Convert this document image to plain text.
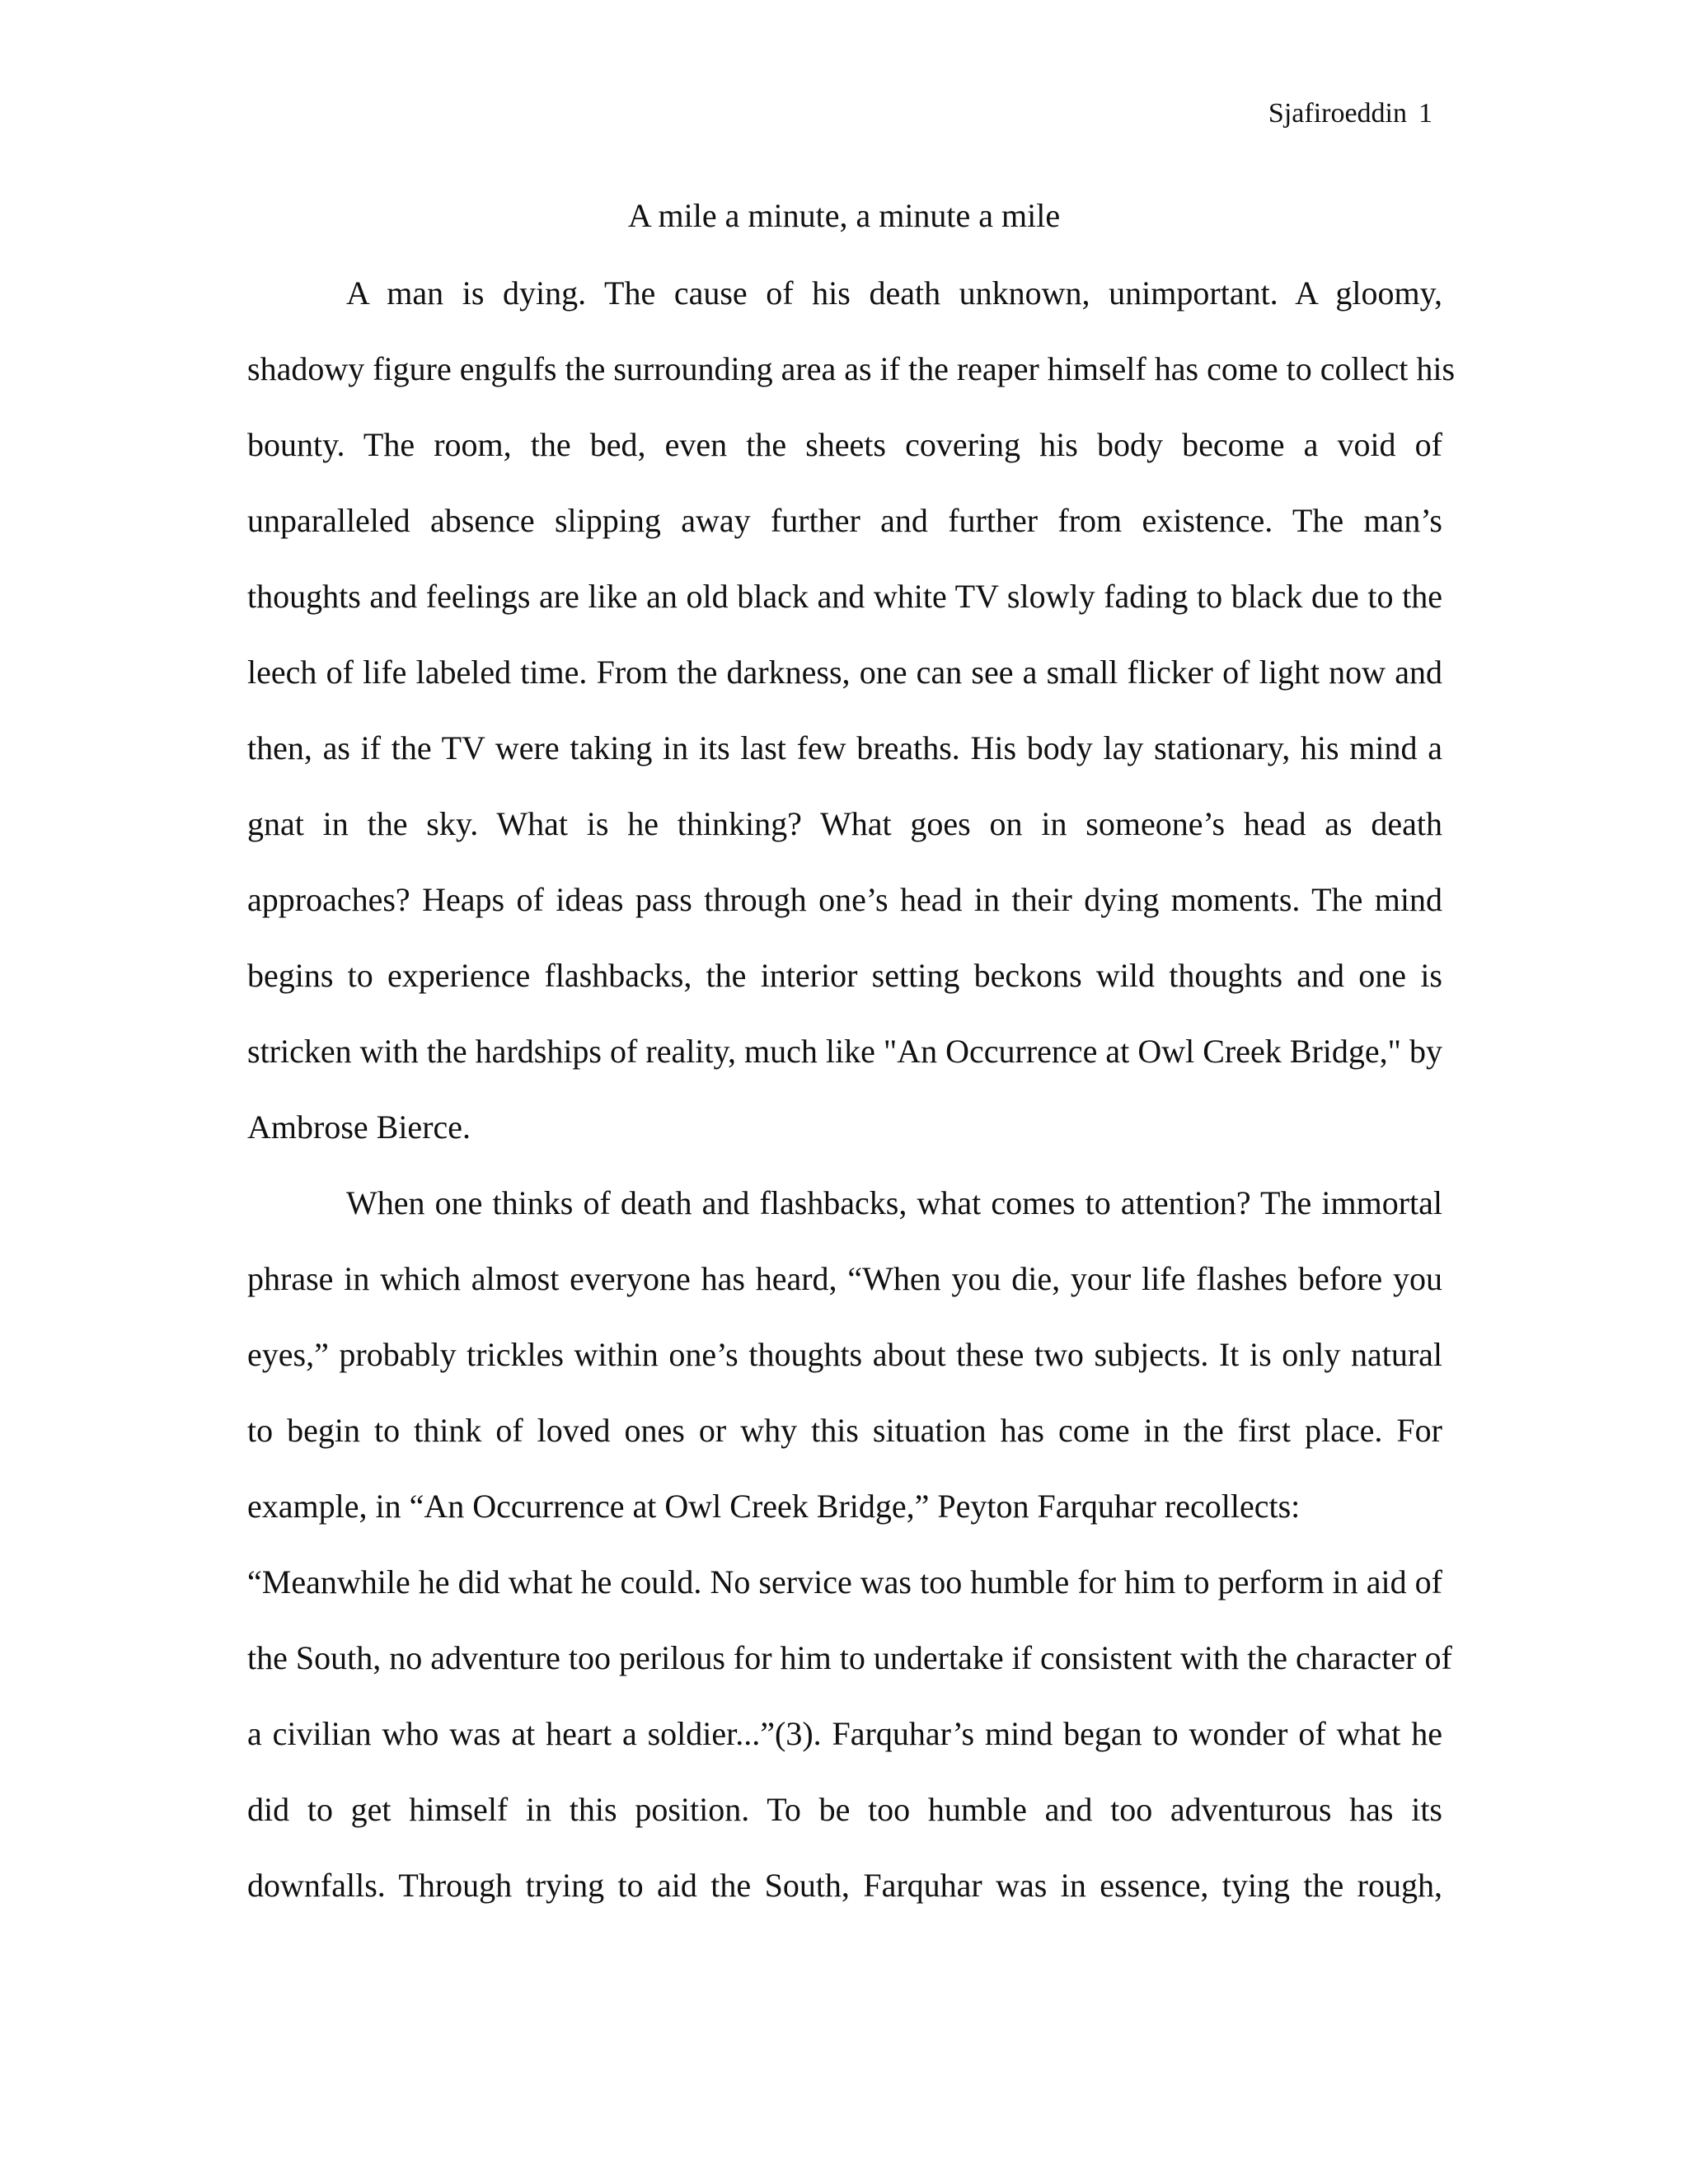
Sjafiroeddin 1
A mile a minute, a minute a mile
A man is dying. The cause of his death unknown, unimportant. A gloomy,
shadowy figure engulfs the surrounding area as if the reaper himself has come to collect his
bounty. The room, the bed, even the sheets covering his body become a void of
unparalleled absence slipping away further and further from existence. The man’s
thoughts and feelings are like an old black and white TV slowly fading to black due to the
leech of life labeled time. From the darkness, one can see a small flicker of light now and
then, as if the TV were taking in its last few breaths. His body lay stationary, his mind a
gnat in the sky. What is he thinking? What goes on in someone’s head as death
approaches? Heaps of ideas pass through one’s head in their dying moments. The mind
begins to experience flashbacks, the interior setting beckons wild thoughts and one is
stricken with the hardships of reality, much like "An Occurrence at Owl Creek Bridge," by
Ambrose Bierce.
When one thinks of death and flashbacks, what comes to attention? The immortal
phrase in which almost everyone has heard, “When you die, your life flashes before you
eyes,” probably trickles within one’s thoughts about these two subjects. It is only natural
to begin to think of loved ones or why this situation has come in the first place. For
example, in “An Occurrence at Owl Creek Bridge,” Peyton Farquhar recollects:
“Meanwhile he did what he could. No service was too humble for him to perform in aid of
the South, no adventure too perilous for him to undertake if consistent with the character of
a civilian who was at heart a soldier...”(3). Farquhar’s mind began to wonder of what he
did to get himself in this position. To be too humble and too adventurous has its
downfalls. Through trying to aid the South, Farquhar was in essence, tying the rough,
